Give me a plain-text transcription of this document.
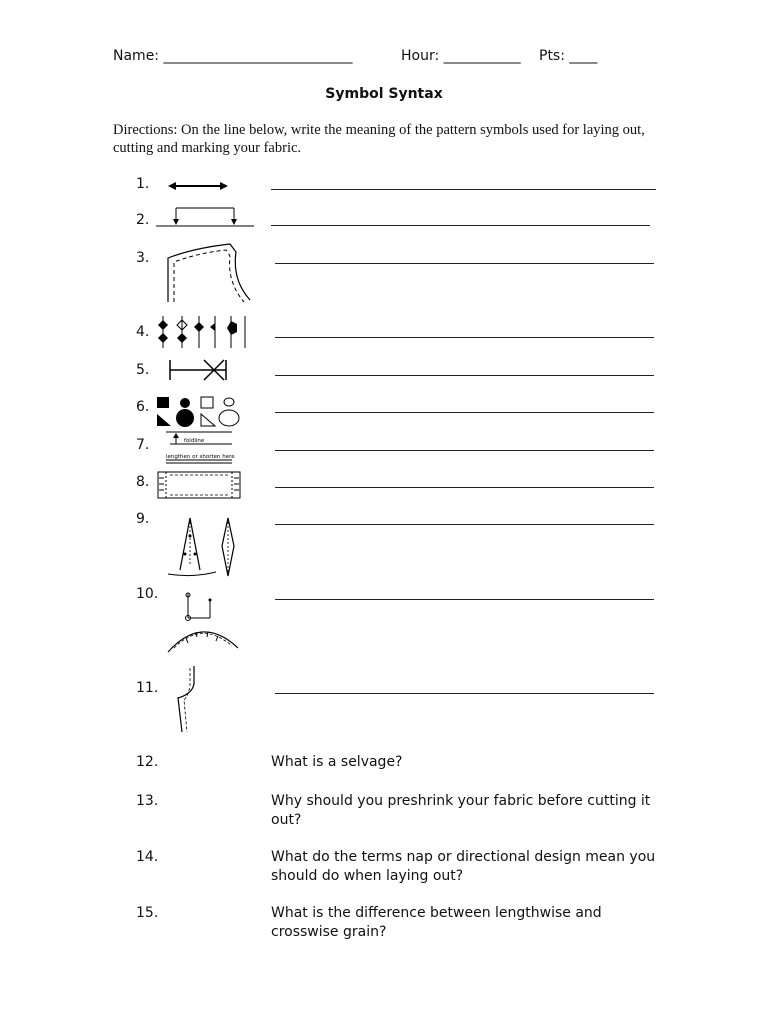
Name: ___________________________	Hour: ___________ Pts: ____
Symbol Syntax
Directions: On the line below, write the meaning of the pattern symbols used for laying out, cutting and marking your fabric.
1.
2.
3.
4.
5.
6.
7.
8.
9.
10.
11.
foldline
lengthen or shorten here
12.	What is a selvage?
13.	Why should you preshrink your fabric before cutting it out?
14.	What do the terms nap or directional design mean you should do when laying out?
15.	What is the difference between lengthwise and crosswise grain?
